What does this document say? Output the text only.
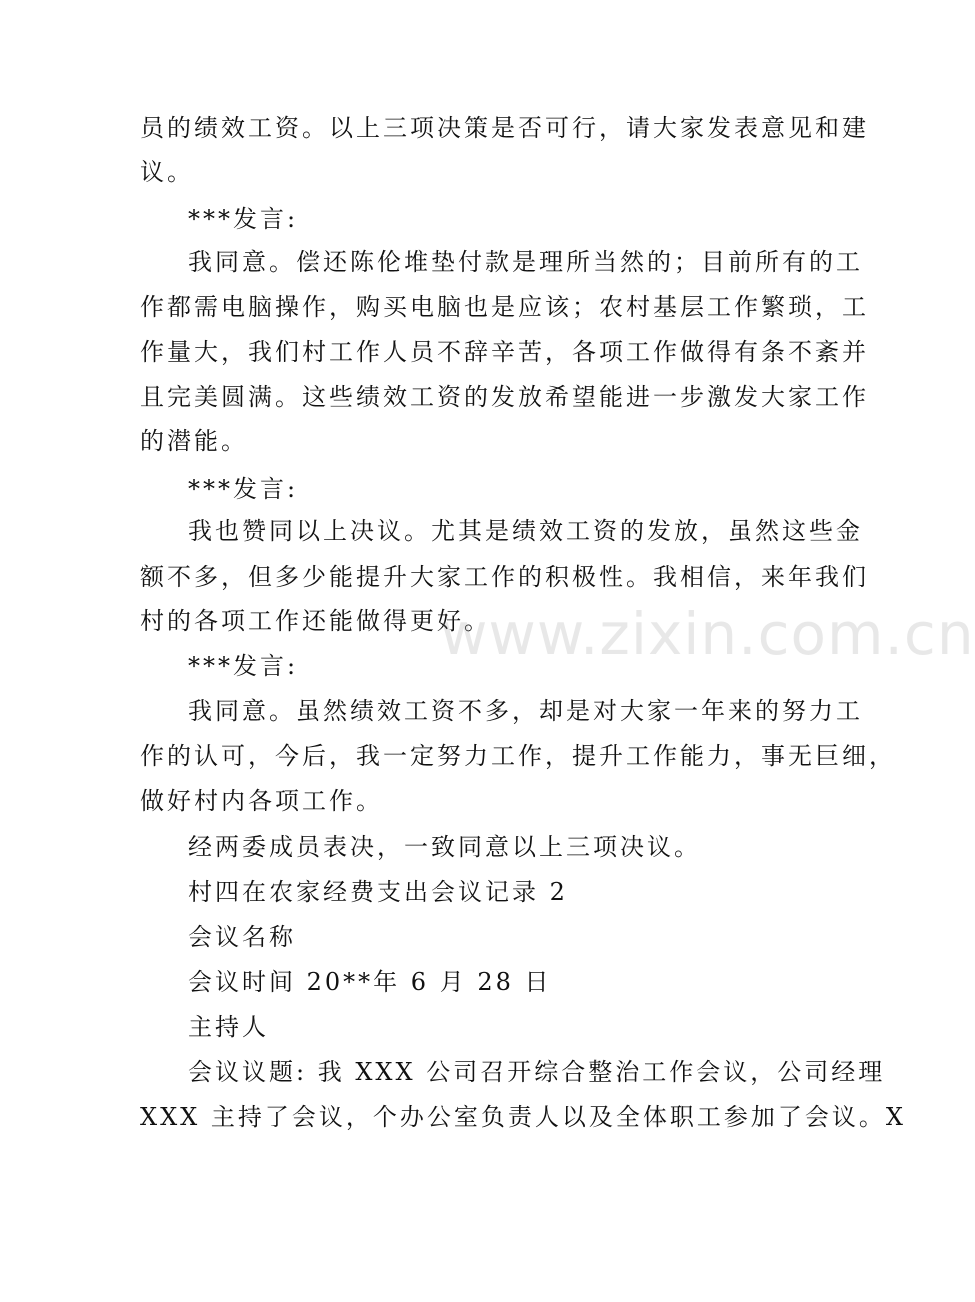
员的绩效工资。以上三项决策是否可行，请大家发表意见和建
议。
***发言:
我同意。偿还陈伦堆垫付款是理所当然的；目前所有的工
作都需电脑操作，购买电脑也是应该；农村基层工作繁琐，工
作量大，我们村工作人员不辞辛苦，各项工作做得有条不紊并
且完美圆满。这些绩效工资的发放希望能进一步激发大家工作
的潜能。
***发言:
我也赞同以上决议。尤其是绩效工资的发放，虽然这些金
额不多，但多少能提升大家工作的积极性。我相信，来年我们
村的各项工作还能做得更好。
***发言:
我同意。虽然绩效工资不多，却是对大家一年来的努力工
作的认可，今后，我一定努力工作，提升工作能力，事无巨细，
做好村内各项工作。
经两委成员表决，一致同意以上三项决议。
村四在农家经费支出会议记录 2
会议名称
会议时间 20**年 6 月 28 日
主持人
会议议题: 我 XXX 公司召开综合整治工作会议，公司经理
XXX 主持了会议，个办公室负责人以及全体职工参加了会议。X
www.zixin.com.cn
